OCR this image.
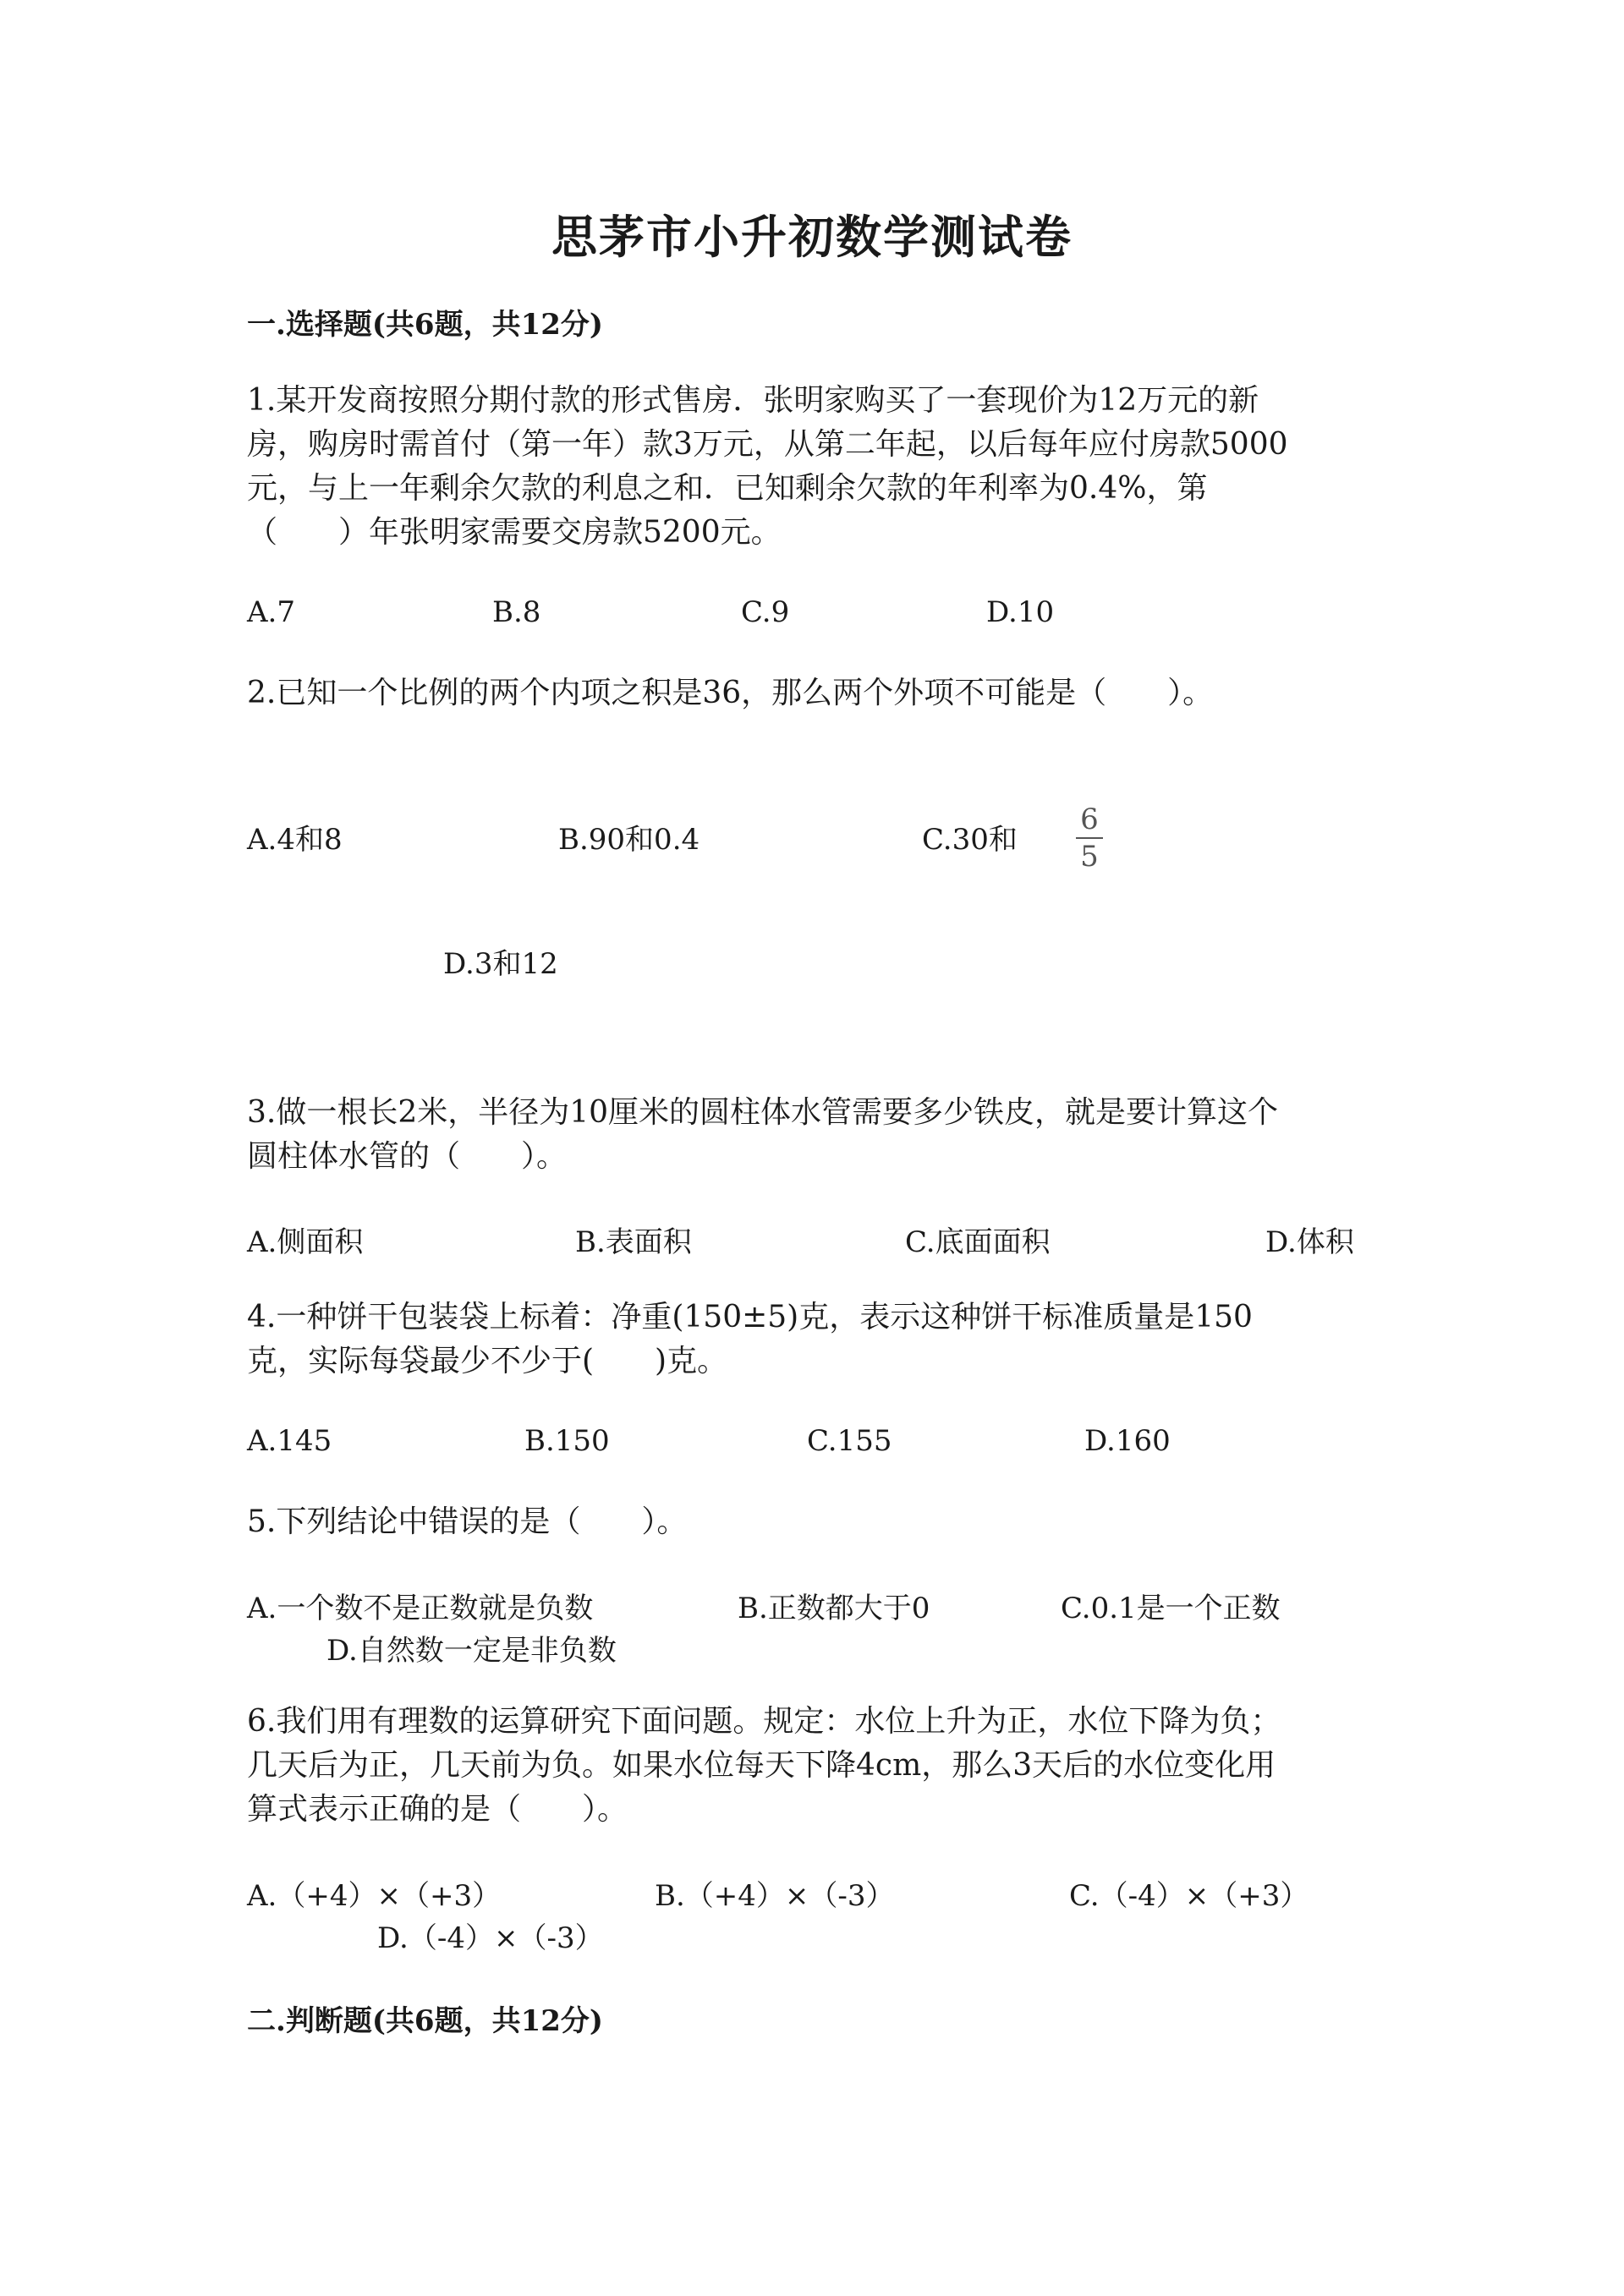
思茅市小升初数学测试卷
一.选择题(共6题，共12分)
1.某开发商按照分期付款的形式售房．张明家购买了一套现价为12万元的新
房，购房时需首付（第一年）款3万元，从第二年起，以后每年应付房款5000
元，与上一年剩余欠款的利息之和．已知剩余欠款的年利率为0.4%，第
（　　）年张明家需要交房款5200元。
A.7	B.8	C.9	D.10
2.已知一个比例的两个内项之积是36，那么两个外项不可能是（　　）。
A.4和8	B.90和0.4	C.30和
6
5
D.3和12
3.做一根长2米，半径为10厘米的圆柱体水管需要多少铁皮，就是要计算这个
圆柱体水管的（　　）。
A.侧面积	B.表面积	C.底面面积	D.体积
4.一种饼干包装袋上标着：净重(150±5)克，表示这种饼干标准质量是150
克，实际每袋最少不少于(　　)克。
A.145	B.150	C.155	D.160
5.下列结论中错误的是（　　）。
A.一个数不是正数就是负数	B.正数都大于0	C.0.1是一个正数
D.自然数一定是非负数
6.我们用有理数的运算研究下面问题。规定：水位上升为正，水位下降为负；
几天后为正，几天前为负。如果水位每天下降4cm，那么3天后的水位变化用
算式表示正确的是（　　）。
A.（+4）×（+3）	B.（+4）×（-3）	C.（-4）×（+3）
D.（-4）×（-3）
二.判断题(共6题，共12分)
